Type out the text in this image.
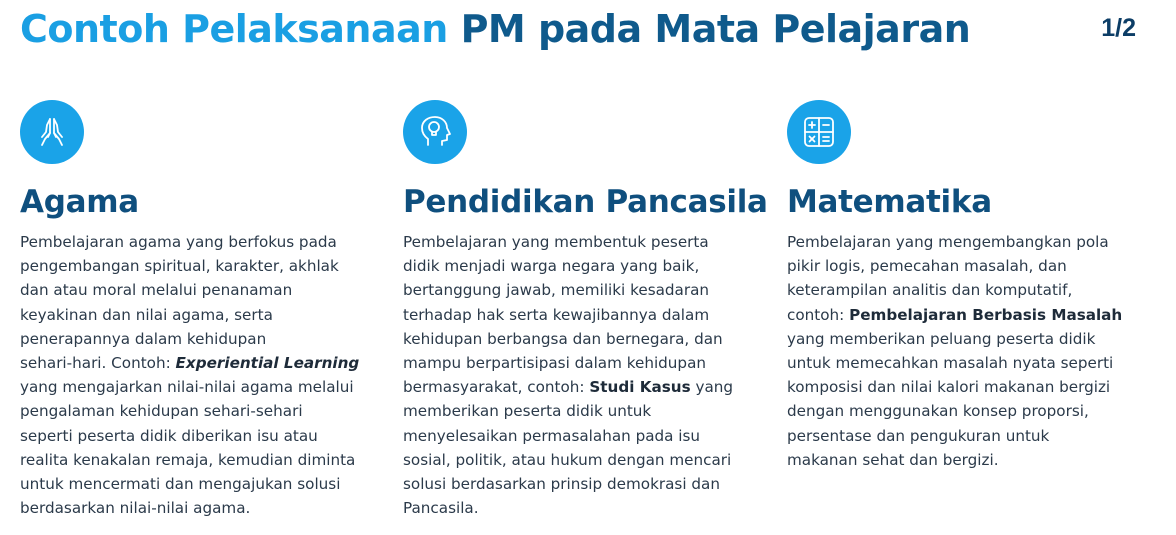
Contoh Pelaksanaan PM pada Mata Pelajaran	1/2
Agama
Pembelajaran agama yang berfokus pada
pengembangan spiritual, karakter, akhlak
dan atau moral melalui penanaman
keyakinan dan nilai agama, serta
penerapannya dalam kehidupan
sehari-hari. Contoh: Experiential Learning
yang mengajarkan nilai-nilai agama melalui
pengalaman kehidupan sehari-sehari
seperti peserta didik diberikan isu atau
realita kenakalan remaja, kemudian diminta
untuk mencermati dan mengajukan solusi
berdasarkan nilai-nilai agama.
Pendidikan Pancasila
Pembelajaran yang membentuk peserta
didik menjadi warga negara yang baik,
bertanggung jawab, memiliki kesadaran
terhadap hak serta kewajibannya dalam
kehidupan berbangsa dan bernegara, dan
mampu berpartisipasi dalam kehidupan
bermasyarakat, contoh: Studi Kasus yang
memberikan peserta didik untuk
menyelesaikan permasalahan pada isu
sosial, politik, atau hukum dengan mencari
solusi berdasarkan prinsip demokrasi dan
Pancasila.
Matematika
Pembelajaran yang mengembangkan pola
pikir logis, pemecahan masalah, dan
keterampilan analitis dan komputatif,
contoh: Pembelajaran Berbasis Masalah
yang memberikan peluang peserta didik
untuk memecahkan masalah nyata seperti
komposisi dan nilai kalori makanan bergizi
dengan menggunakan konsep proporsi,
persentase dan pengukuran untuk
makanan sehat dan bergizi.
